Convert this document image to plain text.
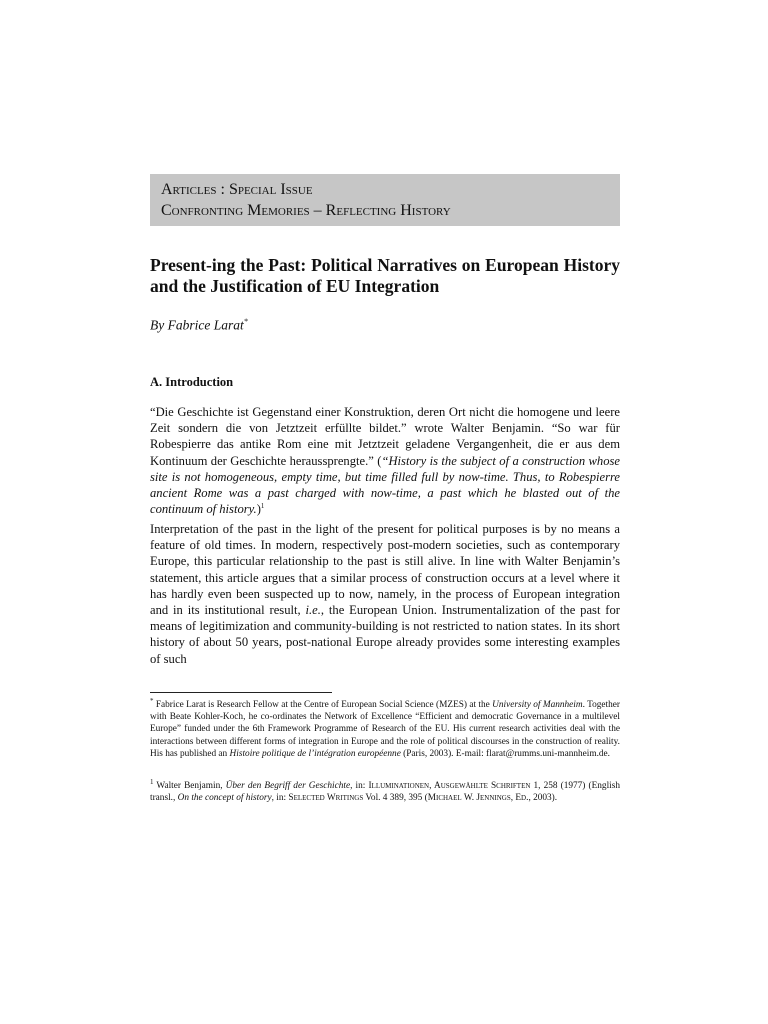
Articles : Special Issue
Confronting Memories – Reflecting History
Present-ing the Past: Political Narratives on European History and the Justification of EU Integration
By Fabrice Larat*
A. Introduction

“Die Geschichte ist Gegenstand einer Konstruktion, deren Ort nicht die homogene und leere Zeit sondern die von Jetztzeit erfüllte bildet.” wrote Walter Benjamin. “So war für Robespierre das antike Rom eine mit Jetztzeit geladene Vergangenheit, die er aus dem Kontinuum der Geschichte heraussprengte.” (“History is the subject of a construction whose site is not homogeneous, empty time, but time filled full by now-time. Thus, to Robespierre ancient Rome was a past charged with now-time, a past which he blasted out of the continuum of history.)$^1$

Interpretation of the past in the light of the present for political purposes is by no means a feature of old times. In modern, respectively post-modern societies, such as contemporary Europe, this particular relationship to the past is still alive. In line with Walter Benjamin’s statement, this article argues that a similar process of construction occurs at a level where it has hardly even been suspected up to now, namely, in the process of European integration and in its institutional result, i.e., the European Union. Instrumentalization of the past for means of legitimization and community-building is not restricted to nation states. In its short history of about 50 years, post-national Europe already provides some interesting examples of such

* Fabrice Larat is Research Fellow at the Centre of European Social Science (MZES) at the University of Mannheim. Together with Beate Kohler-Koch, he co-ordinates the Network of Excellence “Efficient and democratic Governance in a multilevel Europe” funded under the 6th Framework Programme of Research of the EU. His current research activities deal with the interactions between different forms of integration in Europe and the role of political discourses in the construction of reality. His has published an Histoire politique de l’intégration européenne (Paris, 2003). E-mail: flarat@rumms.uni-mannheim.de.

$^1$ Walter Benjamin, Über den Begriff der Geschichte, in: Illuminationen, Ausgewählte Schriften 1, 258 (1977) (English transl., On the concept of history, in: Selected Writings Vol. 4 389, 395 (Michael W. Jennings, Ed., 2003).
